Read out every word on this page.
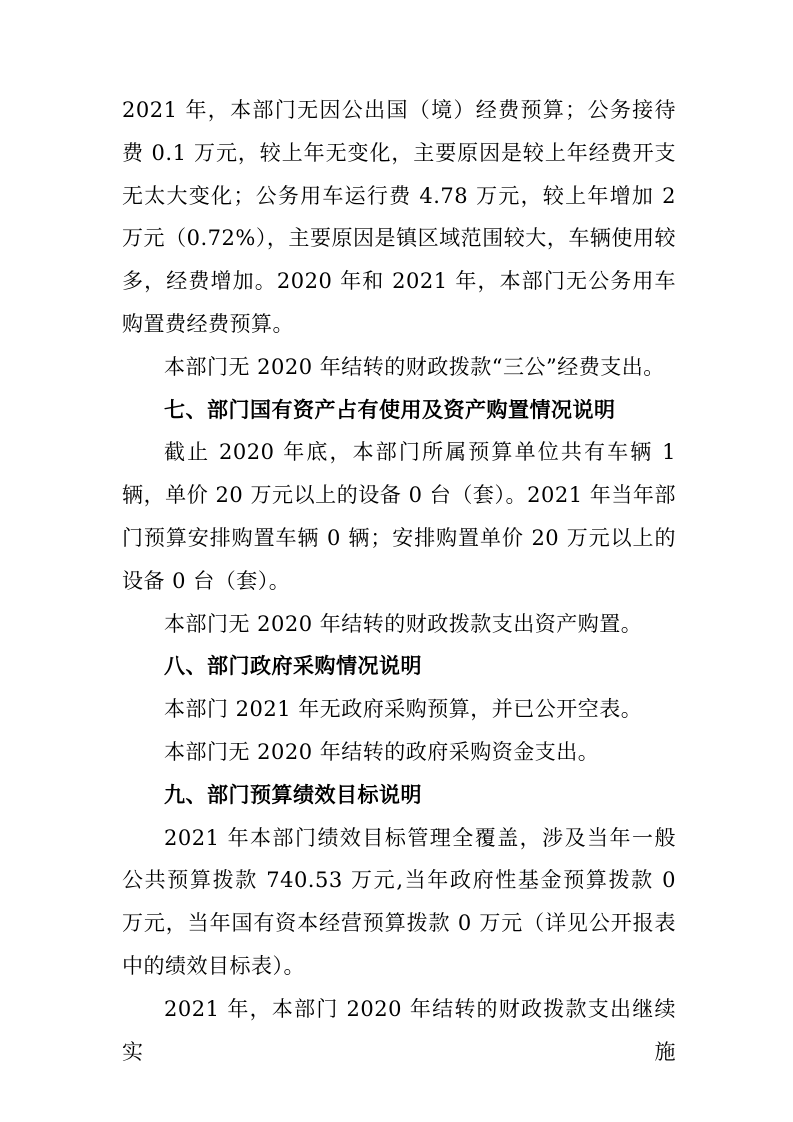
2021 年，本部门无因公出国（境）经费预算；公务接待费 0.1 万元，较上年无变化，主要原因是较上年经费开支无太大变化；公务用车运行费 4.78 万元，较上年增加 2 万元（0.72%），主要原因是镇区域范围较大，车辆使用较多，经费增加。2020 年和 2021 年，本部门无公务用车购置费经费预算。

本部门无 2020 年结转的财政拨款“三公”经费支出。

七、部门国有资产占有使用及资产购置情况说明

截止 2020 年底，本部门所属预算单位共有车辆 1 辆，单价 20 万元以上的设备 0 台（套）。2021 年当年部门预算安排购置车辆 0 辆；安排购置单价 20 万元以上的设备 0 台（套）。

本部门无 2020 年结转的财政拨款支出资产购置。

八、部门政府采购情况说明

本部门 2021 年无政府采购预算，并已公开空表。

本部门无 2020 年结转的政府采购资金支出。

九、部门预算绩效目标说明

2021 年本部门绩效目标管理全覆盖，涉及当年一般公共预算拨款 740.53 万元,当年政府性基金预算拨款 0 万元，当年国有资本经营预算拨款 0 万元（详见公开报表中的绩效目标表）。

2021 年，本部门 2020 年结转的财政拨款支出继续实施
